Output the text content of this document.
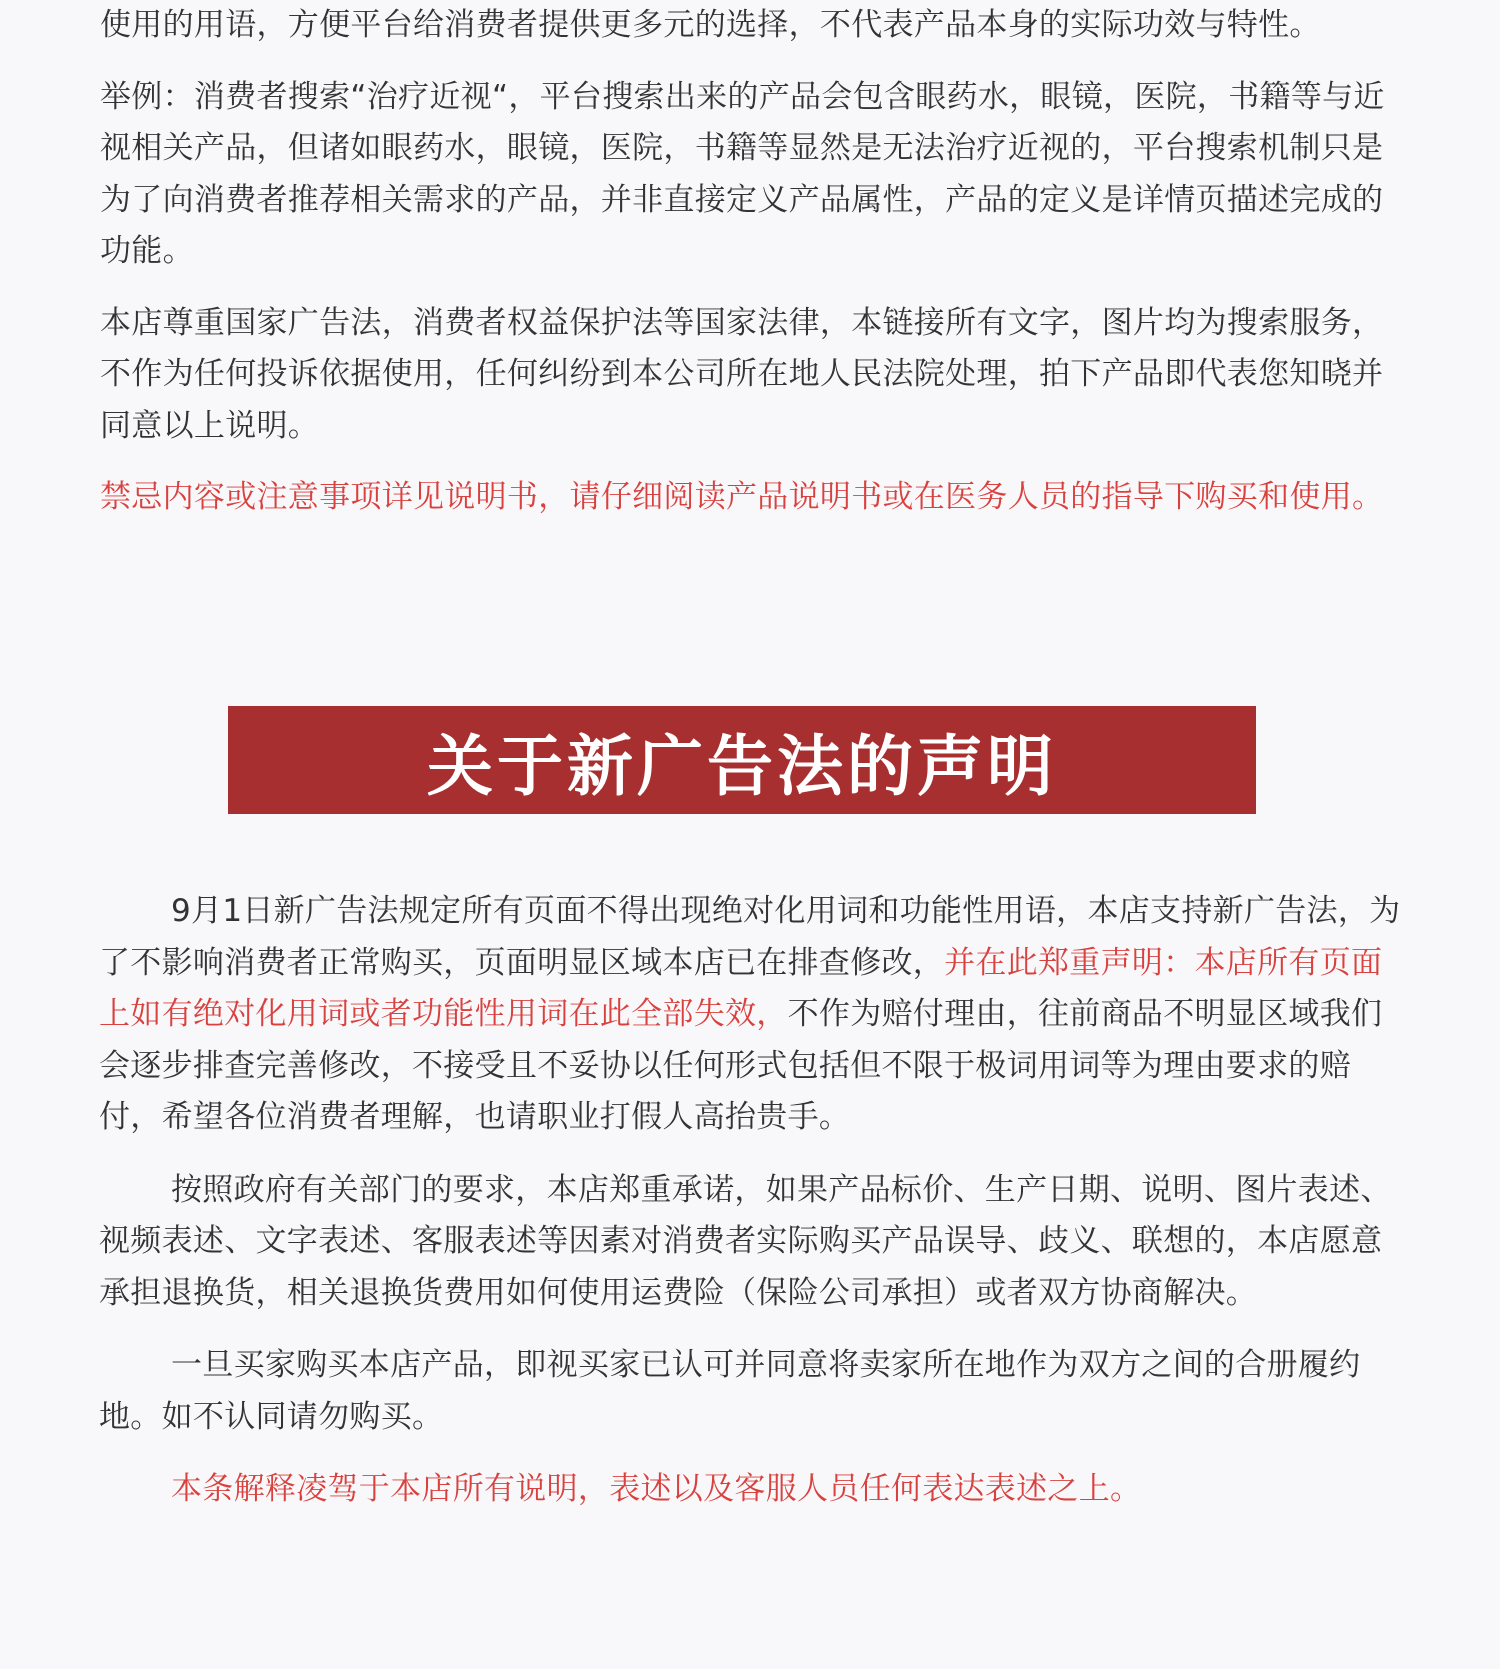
使用的用语，方便平台给消费者提供更多元的选择，不代表产品本身的实际功效与特性。

举例：消费者搜索“治疗近视“，平台搜索出来的产品会包含眼药水，眼镜，医院，书籍等与近视相关产品，但诸如眼药水，眼镜，医院，书籍等显然是无法治疗近视的，平台搜索机制只是为了向消费者推荐相关需求的产品，并非直接定义产品属性，产品的定义是详情页描述完成的功能。

本店尊重国家广告法，消费者权益保护法等国家法律，本链接所有文字，图片均为搜索服务，不作为任何投诉依据使用，任何纠纷到本公司所在地人民法院处理，拍下产品即代表您知晓并同意以上说明。

禁忌内容或注意事项详见说明书，请仔细阅读产品说明书或在医务人员的指导下购买和使用。

关于新广告法的声明

9月1日新广告法规定所有页面不得出现绝对化用词和功能性用语，本店支持新广告法，为了不影响消费者正常购买，页面明显区域本店已在排查修改，并在此郑重声明：本店所有页面上如有绝对化用词或者功能性用词在此全部失效，不作为赔付理由，往前商品不明显区域我们会逐步排查完善修改，不接受且不妥协以任何形式包括但不限于极词用词等为理由要求的赔付，希望各位消费者理解，也请职业打假人高抬贵手。

按照政府有关部门的要求，本店郑重承诺，如果产品标价、生产日期、说明、图片表述、视频表述、文字表述、客服表述等因素对消费者实际购买产品误导、歧义、联想的，本店愿意承担退换货，相关退换货费用如何使用运费险（保险公司承担）或者双方协商解决。

一旦买家购买本店产品，即视买家已认可并同意将卖家所在地作为双方之间的合册履约地。如不认同请勿购买。

本条解释凌驾于本店所有说明，表述以及客服人员任何表达表述之上。
